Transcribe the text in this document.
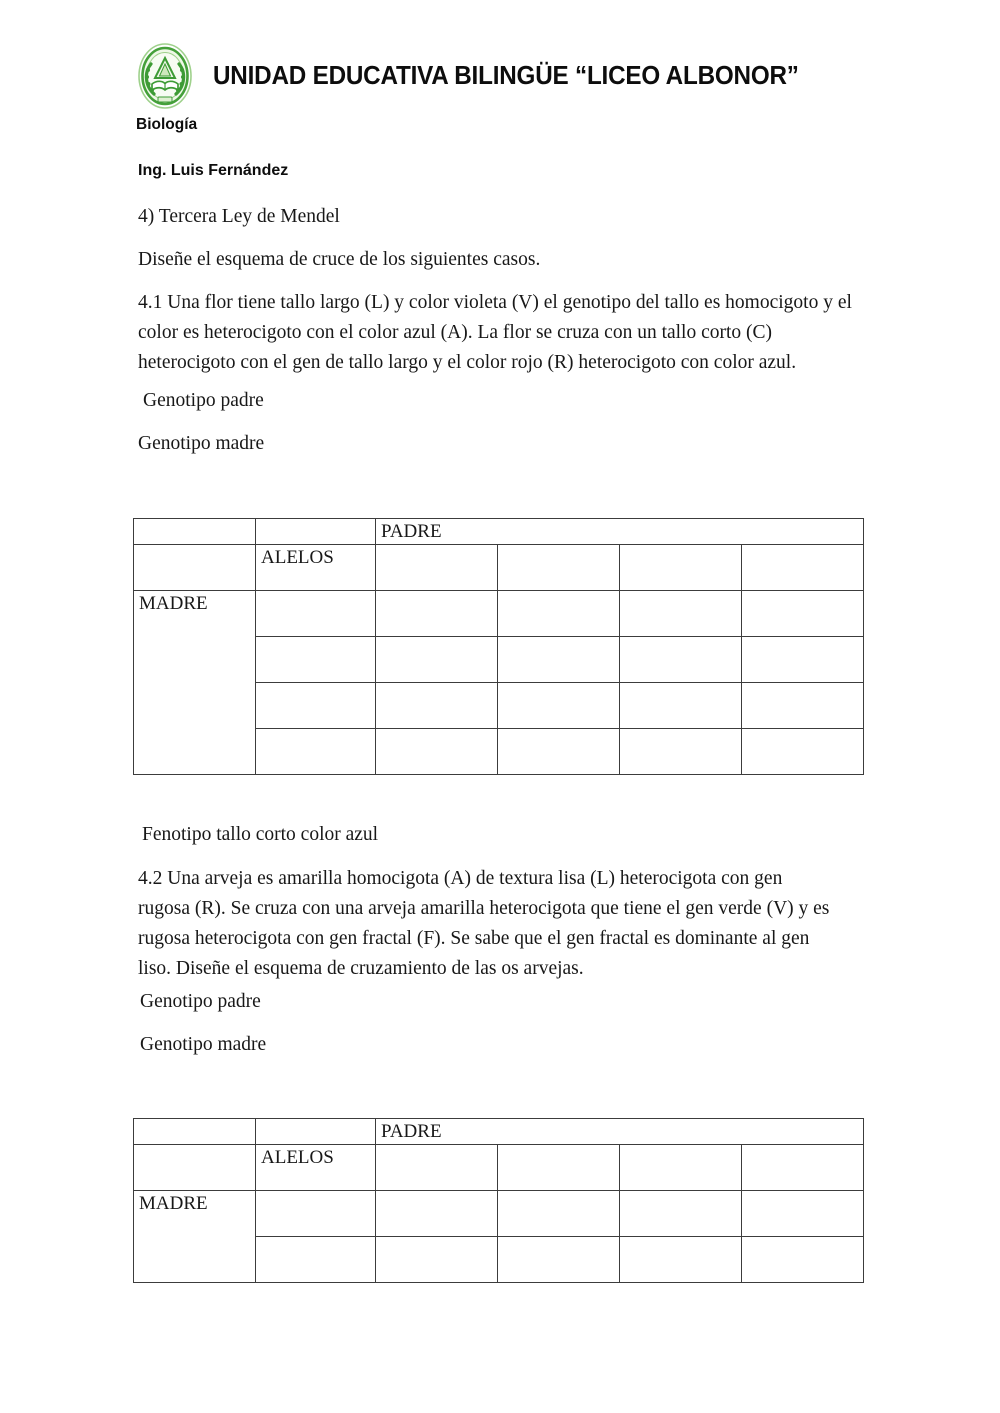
UNIDAD EDUCATIVA BILINGÜE “LICEO ALBONOR”
Biología
Ing. Luis Fernández
4) Tercera Ley de Mendel
Diseñe el esquema de cruce de los siguientes casos.
4.1 Una flor tiene tallo largo (L) y color violeta (V) el genotipo del tallo es homocigoto y el color es heterocigoto con el color azul (A). La flor se cruza con un tallo corto (C) heterocigoto con el gen de tallo largo y el color rojo (R) heterocigoto con color azul.
Genotipo padre
Genotipo madre
		PADRE			
	ALELOS				
MADRE					

Fenotipo tallo corto color azul
4.2 Una arveja es amarilla homocigota (A) de textura lisa (L) heterocigota con gen rugosa (R). Se cruza con una arveja amarilla heterocigota que tiene el gen verde (V) y es rugosa heterocigota con gen fractal (F). Se sabe que el gen fractal es dominante al gen liso. Diseñe el esquema de cruzamiento de las os arvejas.
Genotipo padre
Genotipo madre
		PADRE			
	ALELOS				
MADRE					
